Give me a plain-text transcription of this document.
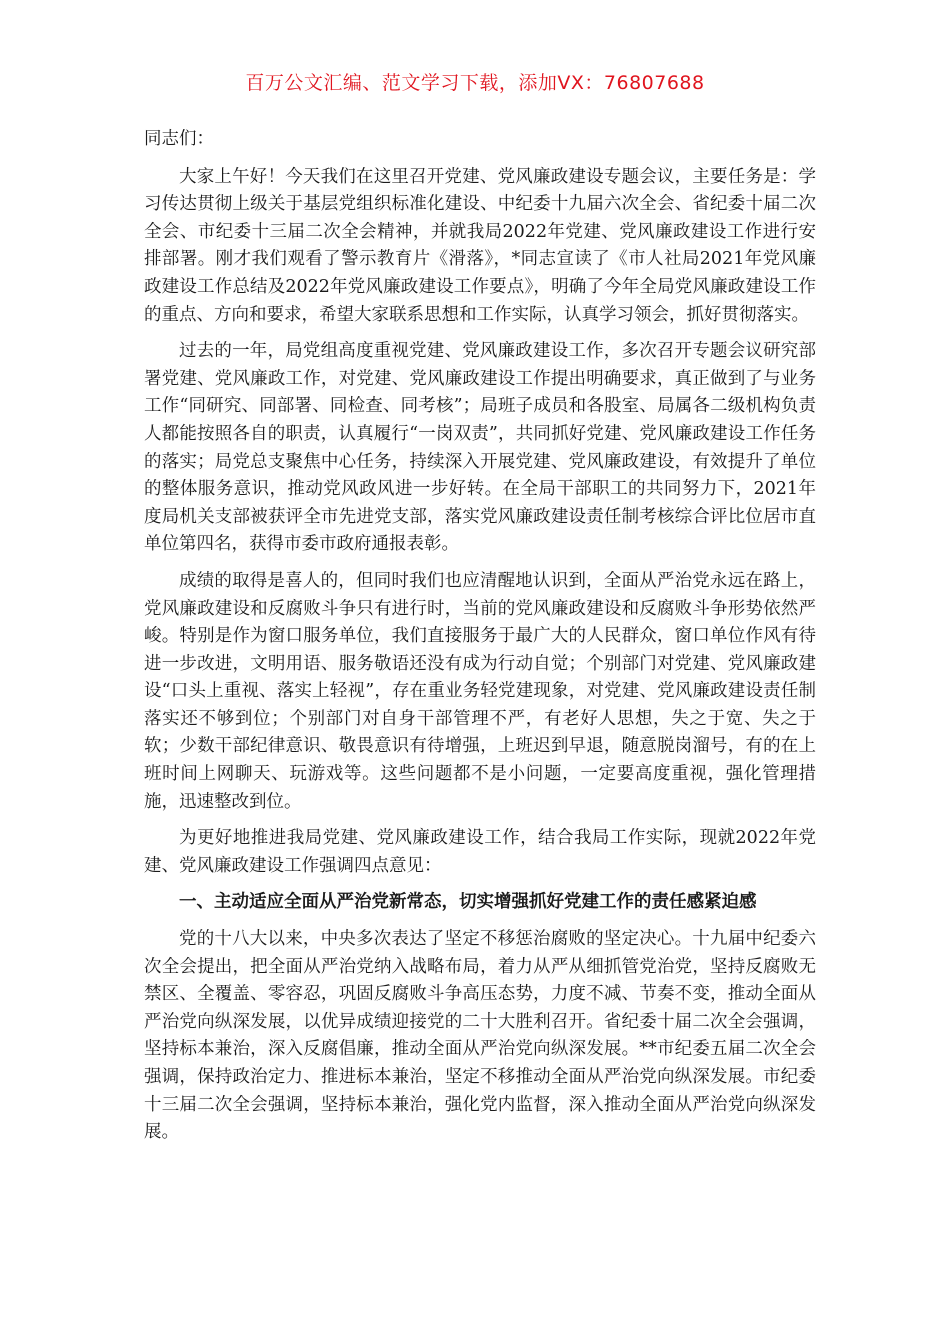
百万公文汇编、范文学习下载，添加VX：76807688

同志们：

大家上午好！今天我们在这里召开党建、党风廉政建设专题会议，主要任务是：学习传达贯彻上级关于基层党组织标准化建设、中纪委十九届六次全会、省纪委十届二次全会、市纪委十三届二次全会精神，并就我局2022年党建、党风廉政建设工作进行安排部署。刚才我们观看了警示教育片《滑落》，*同志宣读了《市人社局2021年党风廉政建设工作总结及2022年党风廉政建设工作要点》，明确了今年全局党风廉政建设工作的重点、方向和要求，希望大家联系思想和工作实际，认真学习领会，抓好贯彻落实。

过去的一年，局党组高度重视党建、党风廉政建设工作，多次召开专题会议研究部署党建、党风廉政工作，对党建、党风廉政建设工作提出明确要求，真正做到了与业务工作“同研究、同部署、同检查、同考核”；局班子成员和各股室、局属各二级机构负责人都能按照各自的职责，认真履行“一岗双责”，共同抓好党建、党风廉政建设工作任务的落实；局党总支聚焦中心任务，持续深入开展党建、党风廉政建设，有效提升了单位的整体服务意识，推动党风政风进一步好转。在全局干部职工的共同努力下，2021年度局机关支部被获评全市先进党支部，落实党风廉政建设责任制考核综合评比位居市直单位第四名，获得市委市政府通报表彰。

成绩的取得是喜人的，但同时我们也应清醒地认识到，全面从严治党永远在路上，党风廉政建设和反腐败斗争只有进行时，当前的党风廉政建设和反腐败斗争形势依然严峻。特别是作为窗口服务单位，我们直接服务于最广大的人民群众，窗口单位作风有待进一步改进，文明用语、服务敬语还没有成为行动自觉；个别部门对党建、党风廉政建设“口头上重视、落实上轻视”，存在重业务轻党建现象，对党建、党风廉政建设责任制落实还不够到位；个别部门对自身干部管理不严，有老好人思想，失之于宽、失之于软；少数干部纪律意识、敬畏意识有待增强，上班迟到早退，随意脱岗溜号，有的在上班时间上网聊天、玩游戏等。这些问题都不是小问题，一定要高度重视，强化管理措施，迅速整改到位。

为更好地推进我局党建、党风廉政建设工作，结合我局工作实际，现就2022年党建、党风廉政建设工作强调四点意见：

一、主动适应全面从严治党新常态，切实增强抓好党建工作的责任感紧迫感

党的十八大以来，中央多次表达了坚定不移惩治腐败的坚定决心。十九届中纪委六次全会提出，把全面从严治党纳入战略布局，着力从严从细抓管党治党，坚持反腐败无禁区、全覆盖、零容忍，巩固反腐败斗争高压态势，力度不减、节奏不变，推动全面从严治党向纵深发展，以优异成绩迎接党的二十大胜利召开。省纪委十届二次全会强调，坚持标本兼治，深入反腐倡廉，推动全面从严治党向纵深发展。**市纪委五届二次全会强调，保持政治定力、推进标本兼治，坚定不移推动全面从严治党向纵深发展。市纪委十三届二次全会强调，坚持标本兼治，强化党内监督，深入推动全面从严治党向纵深发展。
